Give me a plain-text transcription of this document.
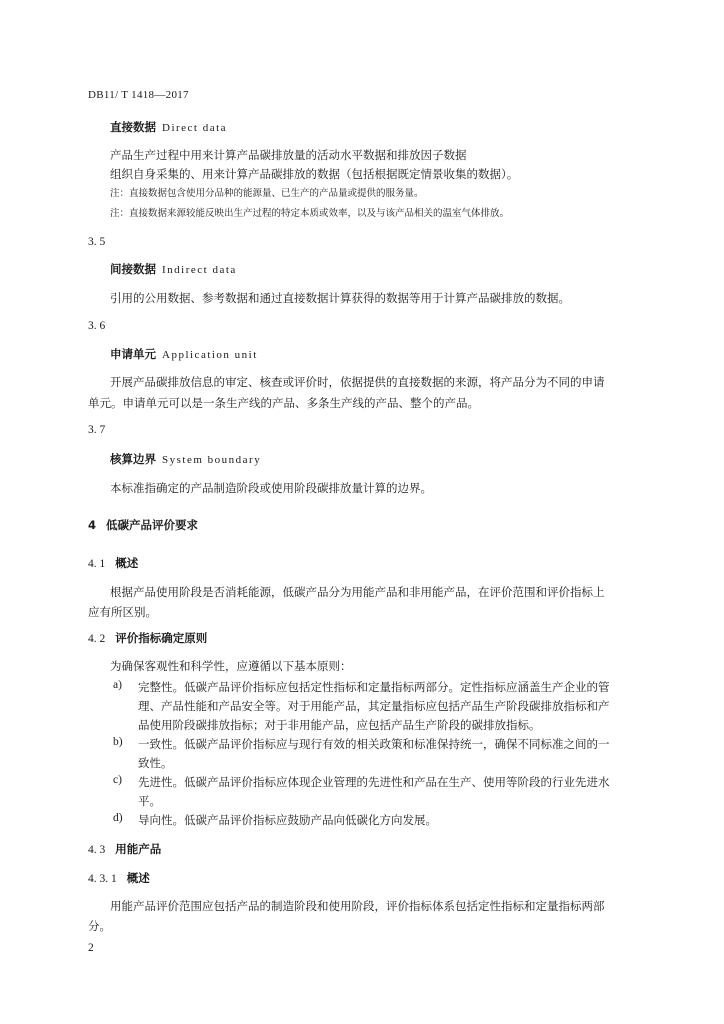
DB11/ T 1418—2017
直接数据 Direct data
产品生产过程中用来计算产品碳排放量的活动水平数据和排放因子数据
组织自身采集的、用来计算产品碳排放的数据（包括根据既定情景收集的数据）。
注：直接数据包含使用分品种的能源量、已生产的产品量或提供的服务量。
注：直接数据来源较能反映出生产过程的特定本质或效率，以及与该产品相关的温室气体排放。
3. 5
间接数据 Indirect data
引用的公用数据、参考数据和通过直接数据计算获得的数据等用于计算产品碳排放的数据。
3. 6
申请单元 Application unit
开展产品碳排放信息的审定、核查或评价时，依据提供的直接数据的来源，将产品分为不同的申请
单元。申请单元可以是一条生产线的产品、多条生产线的产品、整个的产品。
3. 7
核算边界 System boundary
本标准指确定的产品制造阶段或使用阶段碳排放量计算的边界。
4 低碳产品评价要求
4. 1 概述
根据产品使用阶段是否消耗能源，低碳产品分为用能产品和非用能产品，在评价范围和评价指标上
应有所区别。
4. 2 评价指标确定原则
为确保客观性和科学性，应遵循以下基本原则：
a) 完整性。低碳产品评价指标应包括定性指标和定量指标两部分。定性指标应涵盖生产企业的管
理、产品性能和产品安全等。对于用能产品，其定量指标应包括产品生产阶段碳排放指标和产
品使用阶段碳排放指标；对于非用能产品，应包括产品生产阶段的碳排放指标。
b) 一致性。低碳产品评价指标应与现行有效的相关政策和标准保持统一，确保不同标准之间的一
致性。
c) 先进性。低碳产品评价指标应体现企业管理的先进性和产品在生产、使用等阶段的行业先进水
平。
d) 导向性。低碳产品评价指标应鼓励产品向低碳化方向发展。
4. 3 用能产品
4. 3. 1 概述
用能产品评价范围应包括产品的制造阶段和使用阶段，评价指标体系包括定性指标和定量指标两部
分。
2
